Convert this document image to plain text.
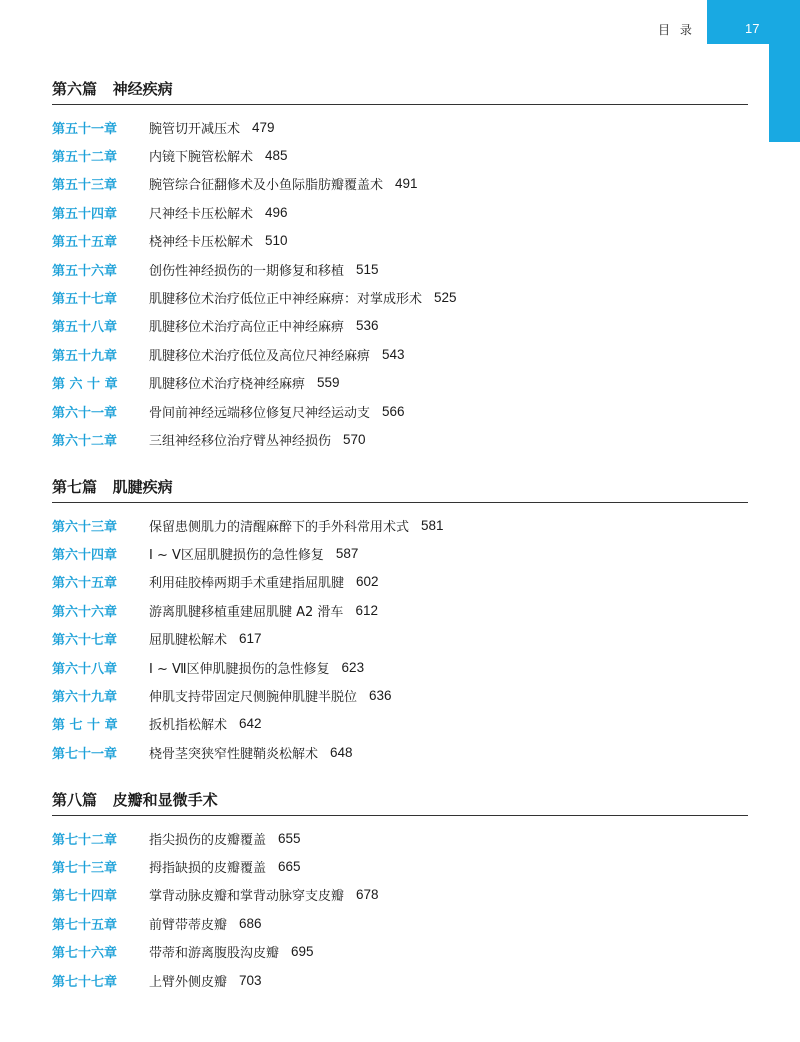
目 录	17
第六篇   神经疾病
第五十一章	腕管切开减压术 479
第五十二章	内镜下腕管松解术 485
第五十三章	腕管综合征翻修术及小鱼际脂肪瓣覆盖术 491
第五十四章	尺神经卡压松解术 496
第五十五章	桡神经卡压松解术 510
第五十六章	创伤性神经损伤的一期修复和移植 515
第五十七章	肌腱移位术治疗低位正中神经麻痹：对掌成形术 525
第五十八章	肌腱移位术治疗高位正中神经麻痹 536
第五十九章	肌腱移位术治疗低位及高位尺神经麻痹 543
第 六 十 章	肌腱移位术治疗桡神经麻痹 559
第六十一章	骨间前神经远端移位修复尺神经运动支 566
第六十二章	三组神经移位治疗臂丛神经损伤 570
第七篇   肌腱疾病
第六十三章	保留患侧肌力的清醒麻醉下的手外科常用术式 581
第六十四章	Ⅰ ~ Ⅴ区屈肌腱损伤的急性修复 587
第六十五章	利用硅胶棒两期手术重建指屈肌腱 602
第六十六章	游离肌腱移植重建屈肌腱 A2 滑车 612
第六十七章	屈肌腱松解术 617
第六十八章	Ⅰ ~ Ⅶ区伸肌腱损伤的急性修复 623
第六十九章	伸肌支持带固定尺侧腕伸肌腱半脱位 636
第 七 十 章	扳机指松解术 642
第七十一章	桡骨茎突狭窄性腱鞘炎松解术 648
第八篇   皮瓣和显微手术
第七十二章	指尖损伤的皮瓣覆盖 655
第七十三章	拇指缺损的皮瓣覆盖 665
第七十四章	掌背动脉皮瓣和掌背动脉穿支皮瓣 678
第七十五章	前臂带蒂皮瓣 686
第七十六章	带蒂和游离腹股沟皮瓣 695
第七十七章	上臂外侧皮瓣 703
